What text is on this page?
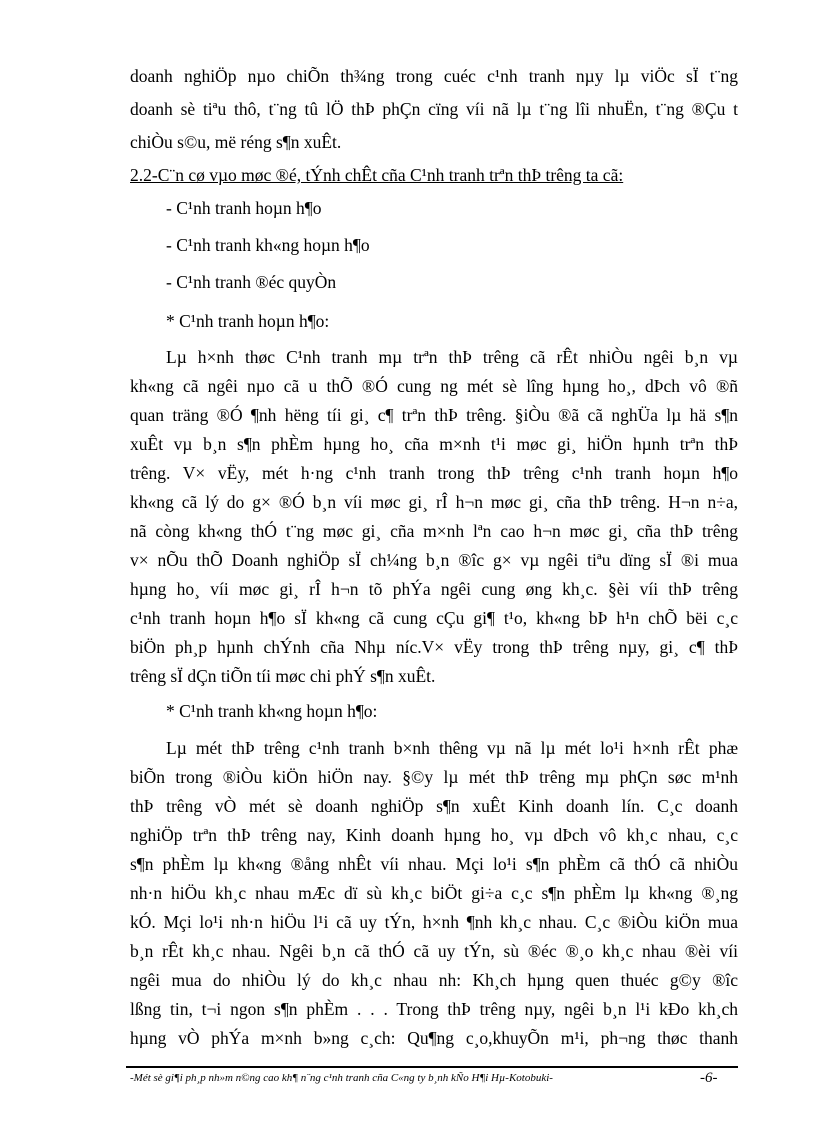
doanh nghiÖp nµo chiÕn th¾ng trong cuéc c¹nh tranh nµy lµ viÖc sÏ t¨ng
doanh sè tiªu thô, t¨ng tû lÖ thÞ phÇn cïng víi nã lµ t¨ng lîi nhuËn, t¨ng ®Çu t
chiÒu s©u, më réng s¶n xuÊt.
2.2-C¨n cø vµo møc ®é, tÝnh chÊt cña C¹nh tranh trªn thÞ trêng ta cã:
- C¹nh tranh hoµn h¶o
- C¹nh tranh kh«ng hoµn h¶o
- C¹nh tranh ®éc quyÒn
* C¹nh tranh hoµn h¶o:
Lµ h×nh thøc C¹nh tranh mµ trªn thÞ trêng cã rÊt nhiÒu ngêi b¸n vµ
kh«ng cã ngêi nµo cã u thÕ ®Ó cung ng mét sè lîng hµng ho¸, dÞch vô ®ñ
quan träng ®Ó ¶nh hëng tíi gi¸ c¶ trªn thÞ trêng. §iÒu ®ã cã nghÜa lµ hä s¶n
xuÊt vµ b¸n s¶n phÈm hµng ho¸ cña m×nh t¹i møc gi¸ hiÖn hµnh trªn thÞ
trêng. V× vËy, mét h·ng c¹nh tranh trong thÞ trêng c¹nh tranh hoµn h¶o
kh«ng cã lý do g× ®Ó b¸n víi møc gi¸ rÎ h¬n møc gi¸ cña thÞ trêng. H¬n n÷a,
nã còng kh«ng thÓ t¨ng møc gi¸ cña m×nh lªn cao h¬n møc gi¸ cña thÞ trêng
v× nÕu thÕ Doanh nghiÖp sÏ ch¼ng b¸n ®îc g× vµ ngêi tiªu dïng sÏ ®i mua
hµng ho¸ víi møc gi¸ rÎ h¬n tõ phÝa ngêi cung øng kh¸c. §èi víi thÞ trêng
c¹nh tranh hoµn h¶o sÏ kh«ng cã cung cÇu gi¶ t¹o, kh«ng bÞ h¹n chÕ bëi c¸c
biÖn ph¸p hµnh chÝnh cña Nhµ níc.V× vËy trong thÞ trêng nµy, gi¸ c¶ thÞ
trêng sÏ dÇn tiÕn tíi møc chi phÝ s¶n xuÊt.
* C¹nh tranh kh«ng hoµn h¶o:
Lµ mét thÞ trêng c¹nh tranh b×nh thêng vµ nã lµ mét lo¹i h×nh rÊt phæ
biÕn trong ®iÒu kiÖn hiÖn nay. §©y lµ mét thÞ trêng mµ phÇn søc m¹nh
thÞ trêng vÒ mét sè doanh nghiÖp s¶n xuÊt Kinh doanh lín. C¸c doanh
nghiÖp trªn thÞ trêng nay, Kinh doanh hµng ho¸ vµ dÞch vô kh¸c nhau, c¸c
s¶n phÈm lµ kh«ng ®ång nhÊt víi nhau. Mçi lo¹i s¶n phÈm cã thÓ cã nhiÒu
nh·n hiÖu kh¸c nhau mÆc dï sù kh¸c biÖt gi÷a c¸c s¶n phÈm lµ kh«ng ®¸ng
kÓ. Mçi lo¹i nh·n hiÖu l¹i cã uy tÝn, h×nh ¶nh kh¸c nhau. C¸c ®iÒu kiÖn mua
b¸n rÊt kh¸c nhau. Ngêi b¸n cã thÓ cã uy tÝn, sù ®éc ®¸o kh¸c nhau ®èi víi
ngêi mua do nhiÒu lý do kh¸c nhau nh: Kh¸ch hµng quen thuéc g©y ®îc
lßng tin, t¬i ngon s¶n phÈm . . . Trong thÞ trêng nµy, ngêi b¸n l¹i kÐo kh¸ch
hµng vÒ phÝa m×nh b»ng c¸ch: Qu¶ng c¸o,khuyÕn m¹i, ph¬ng thøc thanh
-Mét sè gi¶i ph¸p nh»m n©ng cao kh¶ n¨ng c¹nh tranh cña C«ng ty b¸nh kÑo H¶i Hµ-Kotobuki-	-6-
